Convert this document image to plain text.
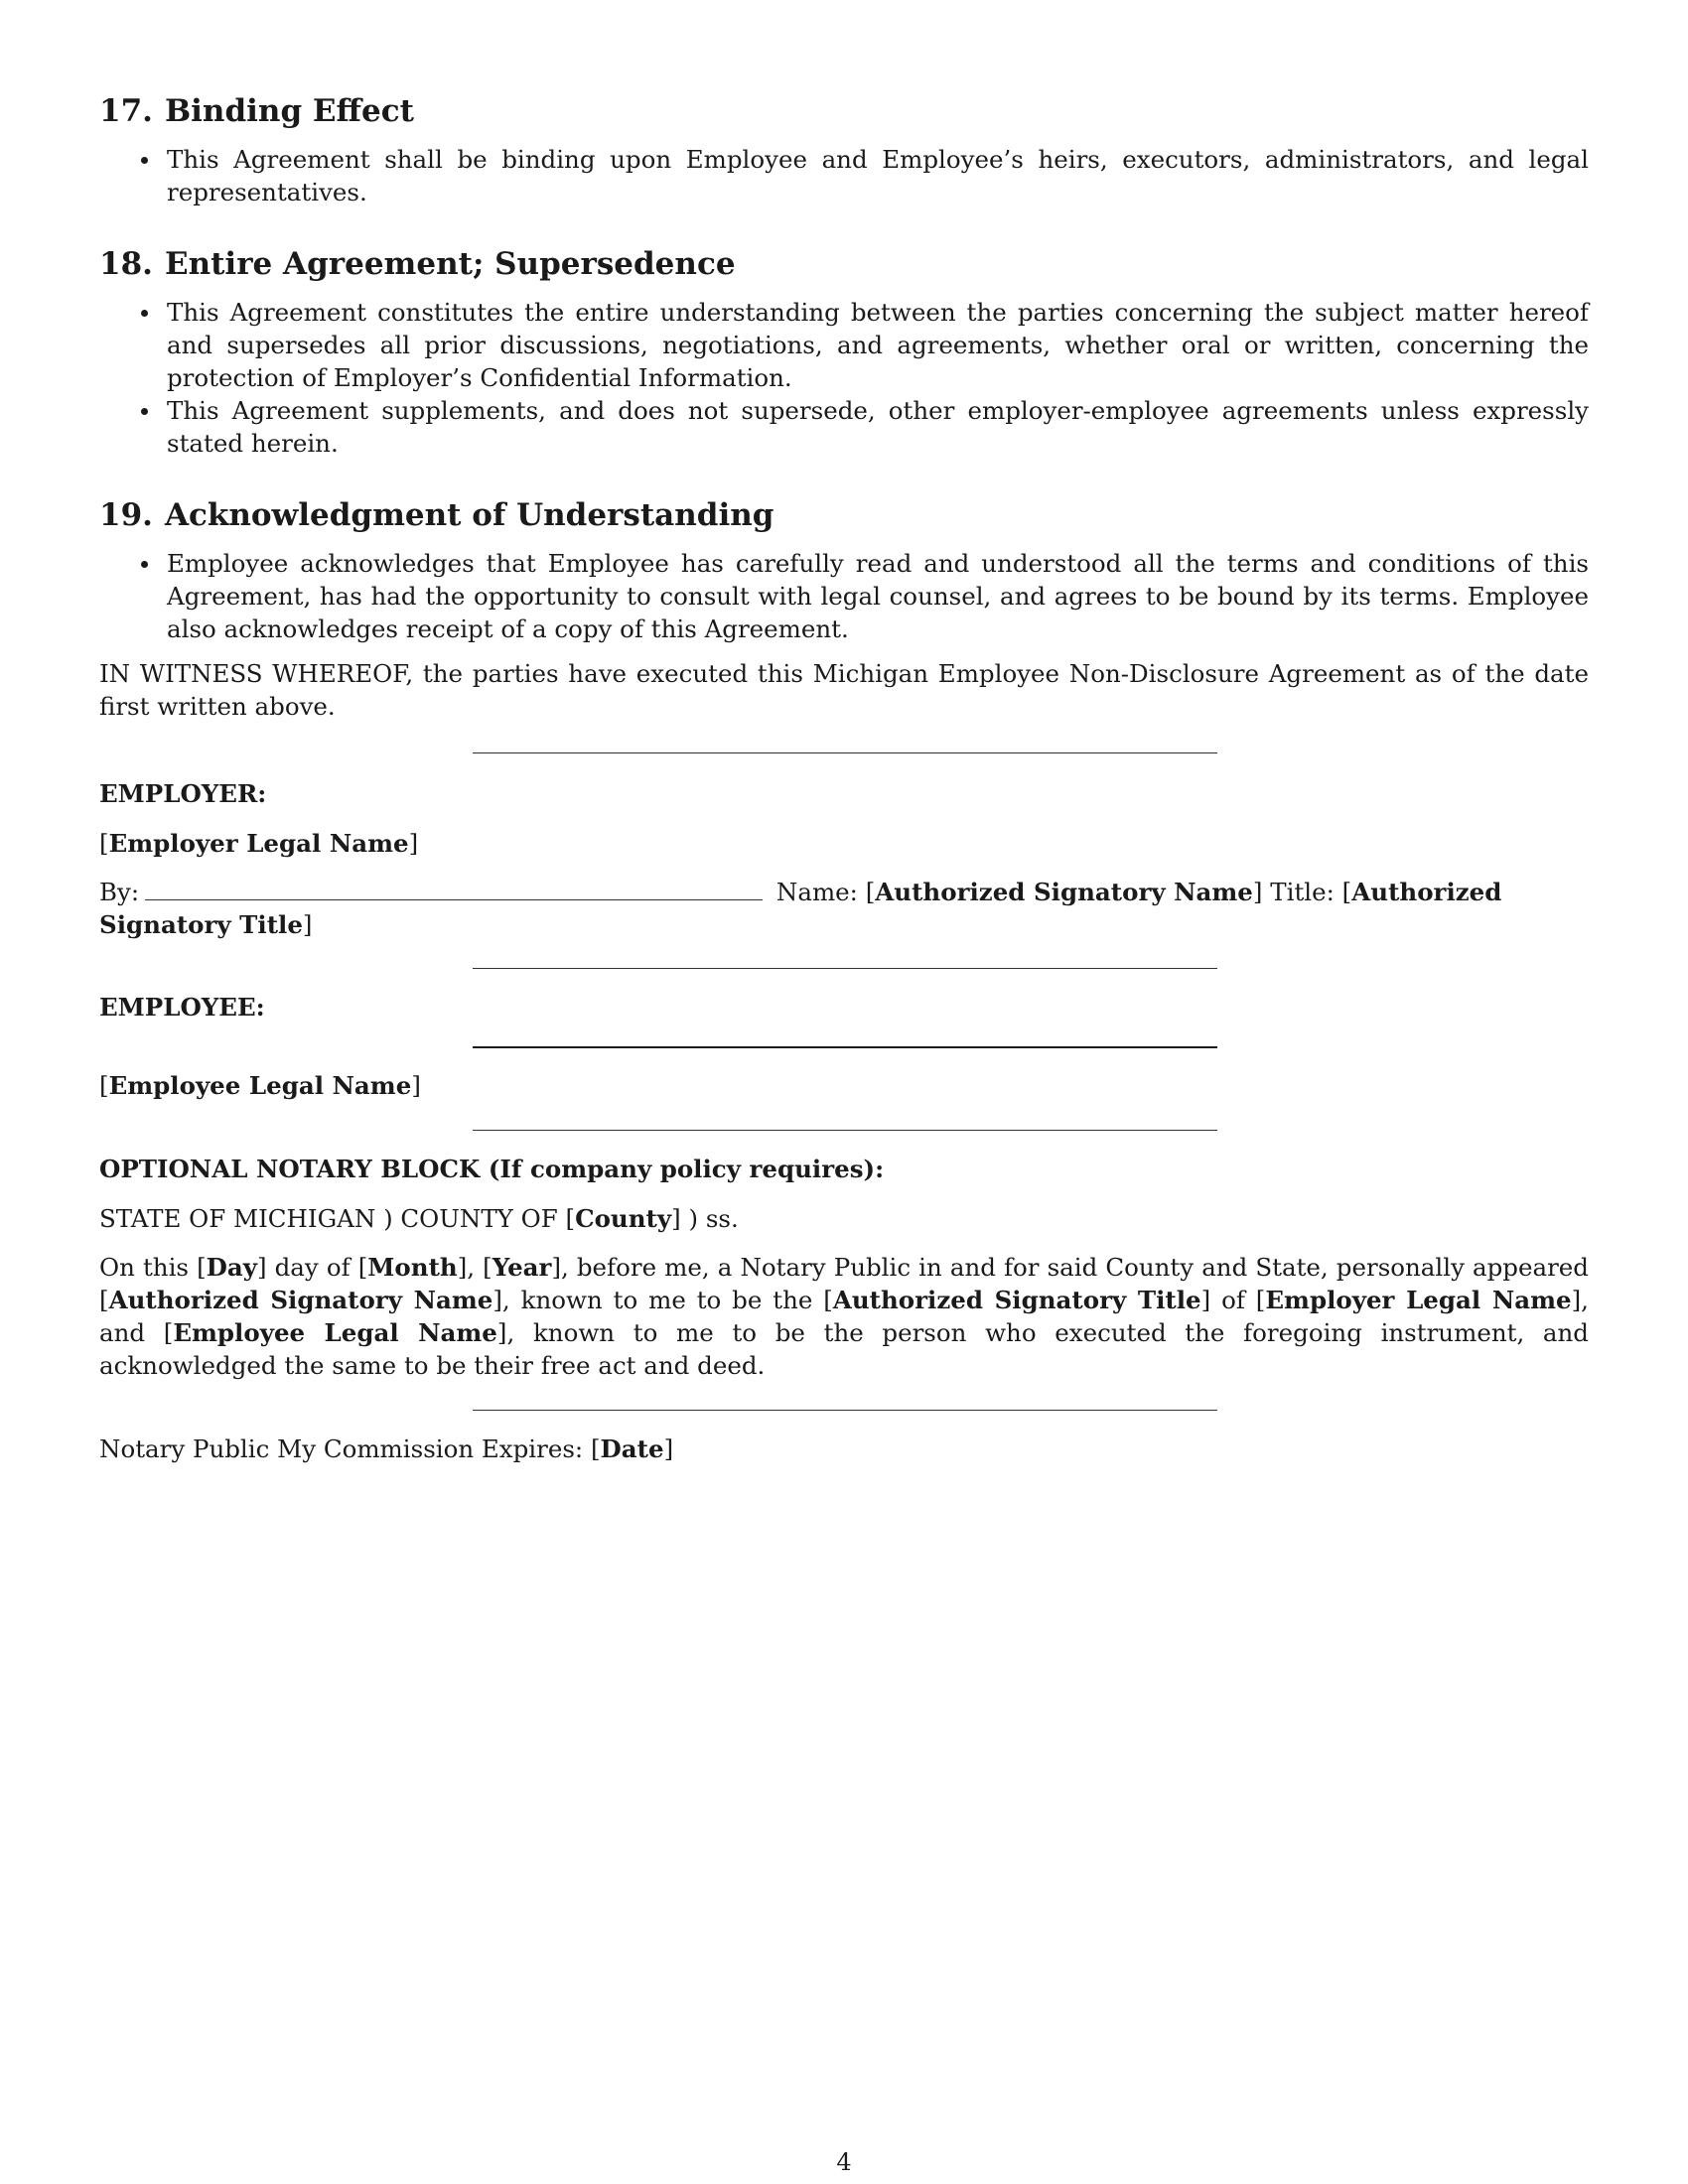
17. Binding Effect
This Agreement shall be binding upon Employee and Employee’s heirs, executors, administrators, and legal representatives.
18. Entire Agreement; Supersedence
This Agreement constitutes the entire understanding between the parties concerning the subject matter hereof and supersedes all prior discussions, negotiations, and agreements, whether oral or written, concerning the protection of Employer’s Confidential Information.
This Agreement supplements, and does not supersede, other employer-employee agreements unless expressly stated herein.
19. Acknowledgment of Understanding
Employee acknowledges that Employee has carefully read and understood all the terms and conditions of this Agreement, has had the opportunity to consult with legal counsel, and agrees to be bound by its terms. Employee also acknowledges receipt of a copy of this Agreement.

IN WITNESS WHEREOF, the parties have executed this Michigan Employee Non-Disclosure Agreement as of the date first written above.

EMPLOYER:

[Employer Legal Name]

By:	Name: [Authorized Signatory Name] Title: [Authorized Signatory Title]

EMPLOYEE:

[Employee Legal Name]

OPTIONAL NOTARY BLOCK (If company policy requires):

STATE OF MICHIGAN ) COUNTY OF [County] ) ss.

On this [Day] day of [Month], [Year], before me, a Notary Public in and for said County and State, personally appeared [Authorized Signatory Name], known to me to be the [Authorized Signatory Title] of [Employer Legal Name], and [Employee Legal Name], known to me to be the person who executed the foregoing instrument, and acknowledged the same to be their free act and deed.

Notary Public My Commission Expires: [Date]

4
